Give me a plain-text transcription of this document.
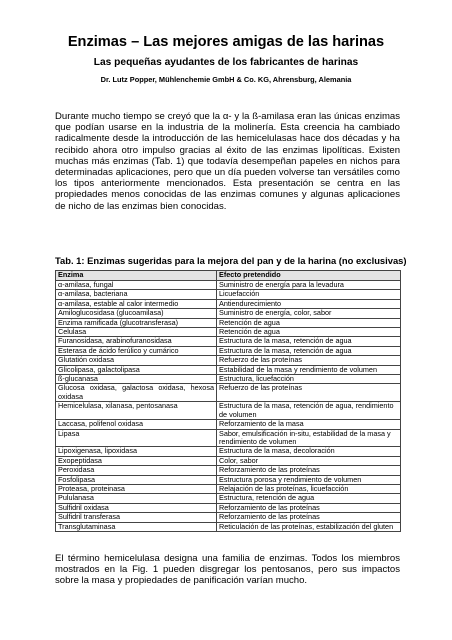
Enzimas – Las mejores amigas de las harinas
Las pequeñas ayudantes de los fabricantes de harinas
Dr. Lutz Popper, Mühlenchemie GmbH & Co. KG, Ahrensburg, Alemania

Durante mucho tiempo se creyó que la α- y la ß-amilasa eran las únicas enzimas que podían usarse en la industria de la molinería. Esta creencia ha cambiado radicalmente desde la introducción de las hemicelulasas hace dos décadas y ha recibido ahora otro impulso gracias al éxito de las enzimas lipolíticas. Existen muchas más enzimas (Tab. 1) que todavía desempeñan papeles en nichos para determinadas aplicaciones, pero que un día pueden volverse tan versátiles como los tipos anteriormente mencionados. Esta presentación se centra en las propiedades menos conocidas de las enzimas comunes y algunas aplicaciones de nicho de las enzimas bien conocidas.

Tab. 1: Enzimas sugeridas para la mejora del pan y de la harina (no exclusivas)
Enzima	Efecto pretendido
α-amilasa, fungal	Suministro de energía para la levadura
α-amilasa, bacteriana	Licuefacción
α-amilasa, estable al calor intermedio	Antiendurecimiento
Amiloglucosidasa (glucoamilasa)	Suministro de energía, color, sabor
Enzima ramificada (glucotransferasa)	Retención de agua
Celulasa	Retención de agua
Furanosidasa, arabinofuranosidasa	Estructura de la masa, retención de agua
Esterasa de ácido ferúlico y cumárico	Estructura de la masa, retención de agua
Glutatión oxidasa	Refuerzo de las proteínas
Glicolipasa, galactolipasa	Estabilidad de la masa y rendimiento de volumen
ß-glucanasa	Estructura, licuefacción
Glucosa oxidasa, galactosa oxidasa, hexosa oxidasa	Refuerzo de las proteínas
Hemicelulasa, xilanasa, pentosanasa	Estructura de la masa, retención de agua, rendimiento de volumen
Laccasa, polifenol oxidasa	Reforzamiento de la masa
Lipasa	Sabor, emulsificación in-situ, estabilidad de la masa y rendimiento de volumen
Lipoxigenasa, lipoxidasa	Estructura de la masa, decoloración
Exopeptidasa	Color, sabor
Peroxidasa	Reforzamiento de las proteínas
Fosfolipasa	Estructura porosa y rendimiento de volumen
Proteasa, proteinasa	Relajación de las proteínas, licuefacción
Pululanasa	Estructura, retención de agua
Sulfidril oxidasa	Reforzamiento de las proteínas
Sulfidril transferasa	Reforzamiento de las proteínas
Transglutaminasa	Reticulación de las proteínas, estabilización del gluten

El término hemicelulasa designa una familia de enzimas. Todos los miembros mostrados en la Fig. 1 pueden disgregar los pentosanos, pero sus impactos sobre la masa y propiedades de panificación varían mucho.
